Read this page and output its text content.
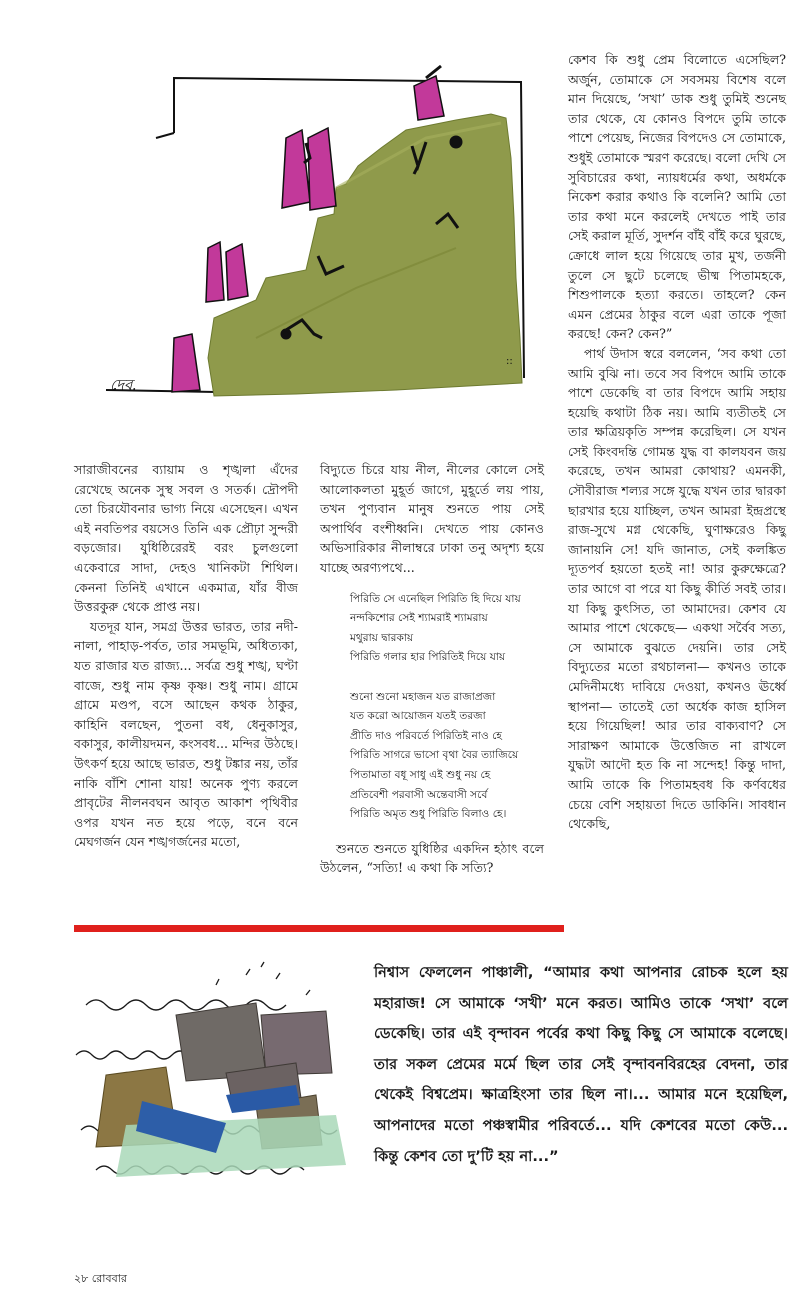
দেব.
::

কেশব কি শুধু প্রেম বিলোতে এসেছিল? অর্জুন, তোমাকে সে সবসময় বিশেষ বলে মান দিয়েছে, ‘সখা’ ডাক শুধু তুমিই শুনেছ তার থেকে, যে কোনও বিপদে তুমি তাকে পাশে পেয়েছ, নিজের বিপদেও সে তোমাকে, শুধুই তোমাকে স্মরণ করেছে। বলো দেখি সে সুবিচারের কথা, ন্যায়ধর্মের কথা, অধর্মকে নিকেশ করার কথাও কি বলেনি? আমি তো তার কথা মনে করলেই দেখতে পাই তার সেই করাল মূর্তি, সুদর্শন বাঁই বাঁই করে ঘুরছে, ক্রোধে লাল হয়ে গিয়েছে তার মুখ, তর্জনী তুলে সে ছুটে চলেছে ভীষ্ম পিতামহকে, শিশুপালকে হত্যা করতে। তাহলে? কেন এমন প্রেমের ঠাকুর বলে এরা তাকে পূজা করছে! কেন? কেন?”

পার্থ উদাস স্বরে বললেন, ‘সব কথা তো আমি বুঝি না। তবে সব বিপদে আমি তাকে পাশে ডেকেছি বা তার বিপদে আমি সহায় হয়েছি কথাটা ঠিক নয়। আমি ব্যতীতই সে তার ক্ষত্রিয়কৃতি সম্পন্ন করেছিল। সে যখন সেই কিংবদন্তি গোমন্ত যুদ্ধ বা কালযবন জয় করেছে, তখন আমরা কোথায়? এমনকী, সৌবীরাজ শল্যর সঙ্গে যুদ্ধে যখন তার দ্বারকা ছারখার হয়ে যাচ্ছিল, তখন আমরা ইন্দ্রপ্রস্থে রাজ-সুখে মগ্ন থেকেছি, ঘুণাক্ষরেও কিছু জানায়নি সে! যদি জানাত, সেই কলঙ্কিত দ্যূতপর্ব হয়তো হতই না! আর কুরুক্ষেত্রে? তার আগে বা পরে যা কিছু কীর্তি সবই তার। যা কিছু কুৎসিত, তা আমাদের। কেশব যে আমার পাশে থেকেছে— একথা সর্বৈব সত্য, সে আমাকে বুঝতে দেয়নি। তার সেই বিদ্যুতের মতো রথচালনা— কখনও তাকে মেদিনীমধ্যে দাবিয়ে দেওয়া, কখনও ঊর্ধ্বে স্থাপনা— তাতেই তো অর্ধেক কাজ হাসিল হয়ে গিয়েছিল! আর তার বাক্যবাণ? সে সারাক্ষণ আমাকে উত্তেজিত না রাখলে যুদ্ধটা আদৌ হত কি না সন্দেহ! কিন্তু দাদা, আমি তাকে কি পিতামহবধ কি কর্ণবধের চেয়ে বেশি সহায়তা দিতে ডাকিনি। সাবধান থেকেছি,

সারাজীবনের ব্যায়াম ও শৃঙ্খলা এঁদের রেখেছে অনেক সুস্থ সবল ও সতর্ক। দ্রৌপদী তো চিরযৌবনার ভাগ্য নিয়ে এসেছেন। এখন এই নবতিপর বয়সেও তিনি এক প্রৌঢ়া সুন্দরী বড়জোর। যুধিষ্ঠিরেরই বরং চুলগুলো একেবারে সাদা, দেহও খানিকটা শিথিল। কেননা তিনিই এখানে একমাত্র, যাঁর বীজ উত্তরকুরু থেকে প্রাপ্ত নয়।

যতদূর যান, সমগ্র উত্তর ভারত, তার নদী-নালা, পাহাড়-পর্বত, তার সমভূমি, অধিত্যকা, যত রাজার যত রাজ্য... সর্বত্র শুধু শঙ্খ, ঘণ্টা বাজে, শুধু নাম কৃষ্ণ কৃষ্ণ। শুধু নাম। গ্রামে গ্রামে মণ্ডপ, বসে আছেন কথক ঠাকুর, কাহিনি বলছেন, পুতনা বধ, ধেনুকাসুর, বকাসুর, কালীয়দমন, কংসবধ... মন্দির উঠছে। উৎকর্ণ হয়ে আছে ভারত, শুধু টঙ্কার নয়, তাঁর নাকি বাঁশি শোনা যায়! অনেক পুণ্য করলে প্রাবৃটের নীলনবঘন আবৃত আকাশ পৃথিবীর ওপর যখন নত হয়ে পড়ে, বনে বনে মেঘগর্জন যেন শঙ্খগর্জনের মতো,

বিদ্যুতে চিরে যায় নীল, নীলের কোলে সেই আলোকলতা মুহূর্ত জাগে, মুহূর্তে লয় পায়, তখন পুণ্যবান মানুষ শুনতে পায় সেই অপার্থিব বংশীধ্বনি। দেখতে পায় কোনও অভিসারিকার নীলাম্বরে ঢাকা তনু অদৃশ্য হয়ে যাচ্ছে অরণ্যপথে...

পিরিতি সে এনেছিল পিরিতি হি দিয়ে যায়
নন্দকিশোর সেই শ্যামরাই শ্যামরায়
মথুরায় দ্বারকায়
পিরিতি গলার হার পিরিতিই দিয়ে যায়
শুনো শুনো মহাজন যত রাজাপ্রজা
যত করো আয়োজন যতই তরজা
প্রীতি দাও পরিবর্তে পিরিতিই নাও হে
পিরিতি সাগরে ভাসো বৃথা বৈর ত্যাজিয়ে
পিতামাতা বধূ সাধু এই শুধু নয় হে
প্রতিবেশী পরবাসী অন্তেবাসী সর্বে
পিরিতি অমৃত শুধু পিরিতি বিলাও হে।

শুনতে শুনতে যুধিষ্ঠির একদিন হঠাৎ বলে উঠলেন, “সত্যি! এ কথা কি সত্যি?

নিশ্বাস ফেললেন পাঞ্চালী, “আমার কথা আপনার রোচক হলে হয় মহারাজ! সে আমাকে ‘সখী’ মনে করত। আমিও তাকে ‘সখা’ বলে ডেকেছি। তার এই বৃন্দাবন পর্বের কথা কিছু কিছু সে আমাকে বলেছে। তার সকল প্রেমের মর্মে ছিল তার সেই বৃন্দাবনবিরহের বেদনা, তার থেকেই বিশ্বপ্রেম। ক্ষাত্রহিংসা তার ছিল না।... আমার মনে হয়েছিল, আপনাদের মতো পঞ্চস্বামীর পরিবর্তে... যদি কেশবের মতো কেউ... কিন্তু কেশব তো দু’টি হয় না...”
২৮ রোববার
